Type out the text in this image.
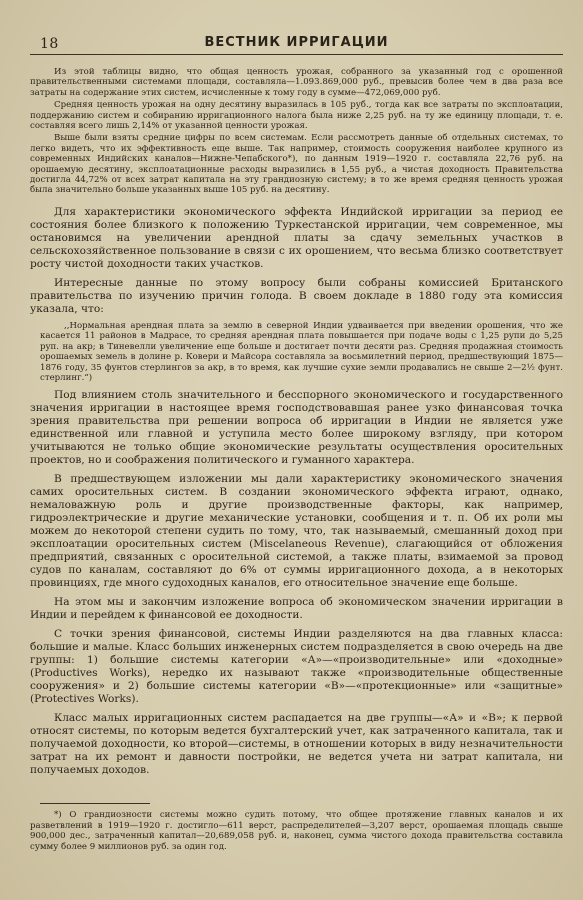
18	ВЕСТНИК ИРРИГАЦИИ

Из этой таблицы видно, что общая ценность урожая, собранного за указанный год с орошенной правительственными системами площади, составляла—1.093.869,000 руб., превысив более чем в два раза все затраты на содержание этих систем, исчисленные к тому году в сумме—472,069,000 руб.

Средняя ценность урожая на одну десятину выразилась в 105 руб., тогда как все затраты по эксплоатации, поддержанию систем и собиранию ирригационного налога была ниже 2,25 руб. на ту же единицу площади, т. е. составляя всего лишь 2,14% от указанной ценности урожая.

Выше были взяты средние цифры по всем системам. Если рассмотреть данные об отдельных системах, то легко видеть, что их эффективность еще выше. Так например, стоимость сооружения наиболее крупного из современных Индийских каналов—Нижне-Чепабского*), по данным 1919—1920 г. составляла 22,76 руб. на орошаемую десятину, эксплоатационные расходы выразились в 1,55 руб., а чистая доходность Правительства достигла 44,72% от всех затрат капитала на эту грандиозную систему; в то же время средняя ценность урожая была значительно больше указанных выше 105 руб. на десятину.

Для характеристики экономического эффекта Индийской ирригации за период ее состояния более близкого к положению Туркестанской ирригации, чем современное, мы остановимся на увеличении арендной платы за сдачу земельных участков в сельскохозяйственное пользование в связи с их орошением, что весьма близко соответствует росту чистой доходности таких участков.

Интересные данные по этому вопросу были собраны комиссией Британского правительства по изучению причин голода. В своем докладе в 1880 году эта комиссия указала, что:

,,Нормальная арендная плата за землю в северной Индии удваивается при введении орошения, что же касается 11 районов в Мадрасе, то средняя арендная плата повышается при подаче воды с 1,25 рупи до 5,25 руп. на акр; в Тиневелли увеличение еще больше и достигает почти десяти раз. Средняя продажная стоимость орошаемых земель в долине р. Ковери и Майсора составляла за восьмилетний период, предшествующий 1875—1876 году, 35 фунтов стерлингов за акр, в то время, как лучшие сухие земли продавались не свыше 2—2½ фунт. стерлинг.“)

Под влиянием столь значительного и бесспорного экономического и государственного значения ирригации в настоящее время господствовавшая ранее узко финансовая точка зрения правительства при решении вопроса об ирригации в Индии не является уже единственной или главной и уступила место более широкому взгляду, при котором учитываются не только общие экономические результаты осуществления оросительных проектов, но и соображения политического и гуманного характера.

В предшествующем изложении мы дали характеристику экономического значения самих оросительных систем. В создании экономического эффекта играют, однако, немаловажную роль и другие производственные факторы, как например, гидроэлектрические и другие механические установки, сообщения и т. п. Об их роли мы можем до некоторой степени судить по тому, что, так называемый, смешанный доход при эксплоатации оросительных систем (Miscelaneous Revenue), слагающийся от обложения предприятий, связанных с оросительной системой, а также платы, взимаемой за провод судов по каналам, составляют до 6% от суммы ирригационного дохода, а в некоторых провинциях, где много судоходных каналов, его относительное значение еще больше.

На этом мы и закончим изложение вопроса об экономическом значении ирригации в Индии и перейдем к финансовой ее доходности.

С точки зрения финансовой, системы Индии разделяются на два главных класса: большие и малые. Класс больших инженерных систем подразделяется в свою очередь на две группы: 1) большие системы категории «А»—«производительные» или «доходные» (Productives Works), нередко их называют также «производительные общественные сооружения» и 2) большие системы категории «В»—«протекционные» или «защитные» (Protectives Works).

Класс малых ирригационных систем распадается на две группы—«А» и «В»; к первой относят системы, по которым ведется бухгалтерский учет, как затраченного капитала, так и получаемой доходности, ко второй—системы, в отношении которых в виду незначительности затрат на их ремонт и давности постройки, не ведется учета ни затрат капитала, ни получаемых доходов.

*) О грандиозности системы можно судить потому, что общее протяжение главных каналов и их разветвлений в 1919—1920 г. достигло—611 верст, распределителей—3,207 верст, орошаемая площадь свыше 900,000 дес., затраченный капитал—20,689,058 руб. и, наконец, сумма чистого дохода правительства составила сумму более 9 миллионов руб. за один год.
